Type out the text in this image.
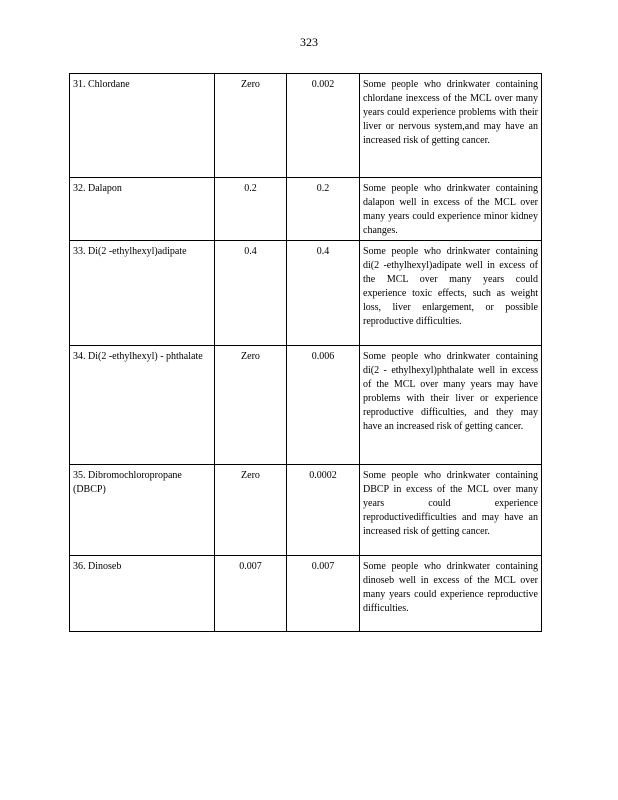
323
31. Chlordane	Zero	0.002	Some people who drinkwater containing chlordane inexcess of the MCL over many years could experience problems with their liver or nervous system,and may have an increased risk of getting cancer.
32. Dalapon	0.2	0.2	Some people who drinkwater containing dalapon well in excess of the MCL over many years could experience minor kidney changes.
33. Di(2 -ethylhexyl)adipate	0.4	0.4	Some people who drinkwater containing di(2 -ethylhexyl)adipate well in excess of the MCL over many years could experience toxic effects, such as weight loss, liver enlargement, or possible reproductive difficulties.
34. Di(2 -ethylhexyl) - phthalate	Zero	0.006	Some people who drinkwater containing di(2 - ethylhexyl)phthalate well in excess of the MCL over many years may have problems with their liver or experience reproductive difficulties, and they may have an increased risk of getting cancer.
35. Dibromochloropropane (DBCP)	Zero	0.0002	Some people who drinkwater containing DBCP in excess of the MCL over many years could experience reproductivedifficulties and may have an increased risk of getting cancer.
36. Dinoseb	0.007	0.007	Some people who drinkwater containing dinoseb well in excess of the MCL over many years could experience reproductive difficulties.
